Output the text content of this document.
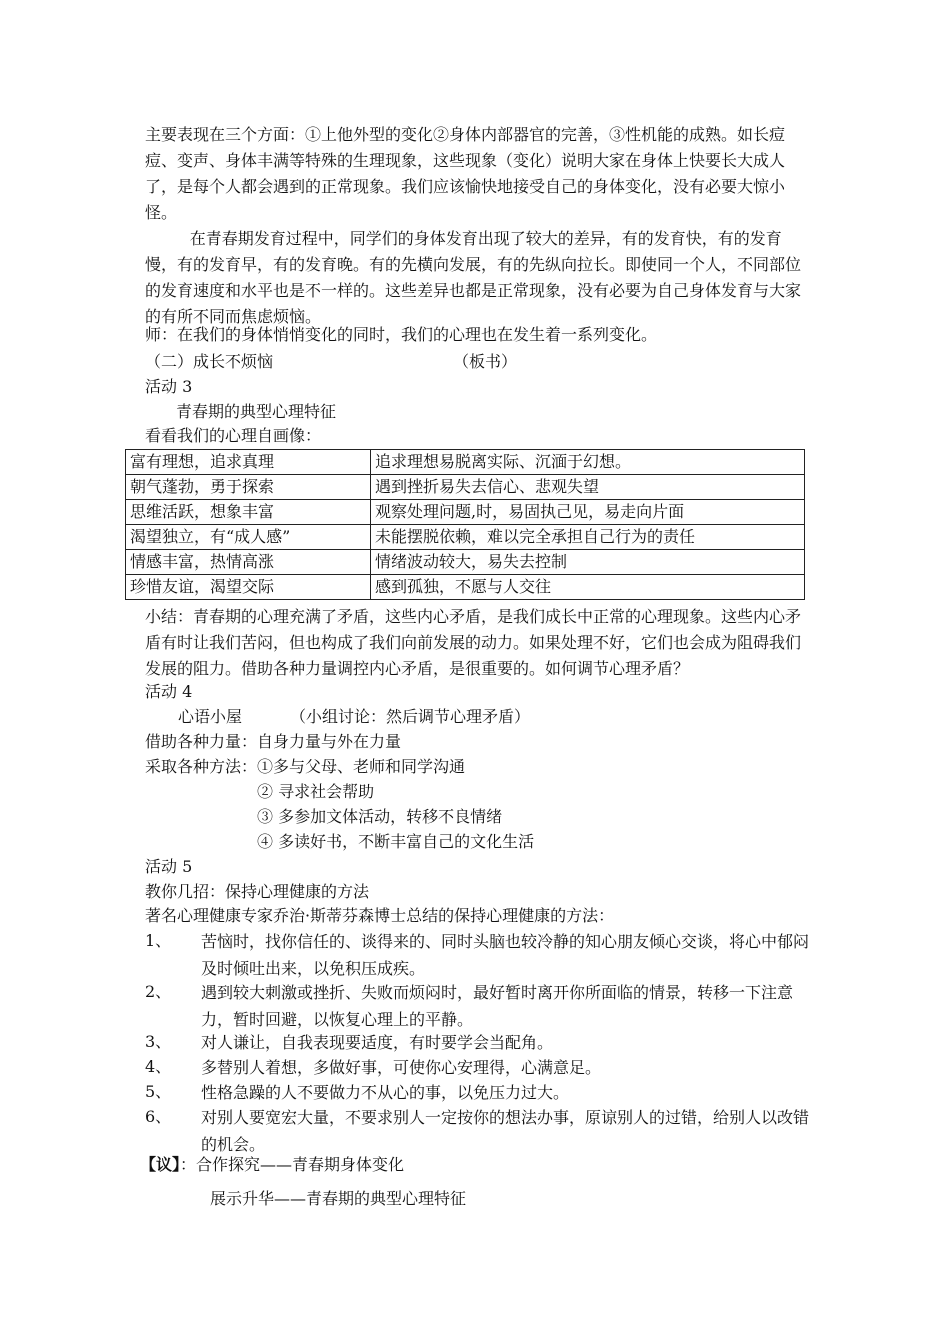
主要表现在三个方面：①上他外型的变化②身体内部器官的完善，③性机能的成熟。如长痘痘、变声、身体丰满等特殊的生理现象，这些现象（变化）说明大家在身体上快要长大成人了，是每个人都会遇到的正常现象。我们应该愉快地接受自己的身体变化，没有必要大惊小怪。

在青春期发育过程中，同学们的身体发育出现了较大的差异，有的发育快，有的发育慢，有的发育早，有的发育晚。有的先横向发展，有的先纵向拉长。即使同一个人，不同部位的发育速度和水平也是不一样的。这些差异也都是正常现象，没有必要为自己身体发育与大家的有所不同而焦虑烦恼。

师：在我们的身体悄悄变化的同时，我们的心理也在发生着一系列变化。

（二）成长不烦恼	（板书）
活动 3
青春期的典型心理特征
看看我们的心理自画像：
富有理想，追求真理	追求理想易脱离实际、沉湎于幻想。
朝气蓬勃，勇于探索	遇到挫折易失去信心、悲观失望
思维活跃，想象丰富	观察处理问题,时，易固执己见，易走向片面
渴望独立，有“成人感”	未能摆脱依赖，难以完全承担自己行为的责任
情感丰富，热情高涨	情绪波动较大，易失去控制
珍惜友谊，渴望交际	感到孤独，不愿与人交往

小结：青春期的心理充满了矛盾，这些内心矛盾，是我们成长中正常的心理现象。这些内心矛盾有时让我们苦闷，但也构成了我们向前发展的动力。如果处理不好，它们也会成为阻碍我们发展的阻力。借助各种力量调控内心矛盾，是很重要的。如何调节心理矛盾？

活动 4
心语小屋	（小组讨论：然后调节心理矛盾）
借助各种力量：自身力量与外在力量
采取各种方法：①多与父母、老师和同学沟通
② 寻求社会帮助
③ 多参加文体活动，转移不良情绪
④ 多读好书，不断丰富自己的文化生活
活动 5
教你几招：保持心理健康的方法
著名心理健康专家乔治·斯蒂芬森博士总结的保持心理健康的方法：
1、 苦恼时，找你信任的、谈得来的、同时头脑也较冷静的知心朋友倾心交谈，将心中郁闷及时倾吐出来，以免积压成疾。

2、 遇到较大刺激或挫折、失败而烦闷时，最好暂时离开你所面临的情景，转移一下注意力，暂时回避，以恢复心理上的平静。

3、 对人谦让，自我表现要适度，有时要学会当配角。

4、 多替别人着想，多做好事，可使你心安理得，心满意足。

5、 性格急躁的人不要做力不从心的事，以免压力过大。

6、 对别人要宽宏大量，不要求别人一定按你的想法办事，原谅别人的过错，给别人以改错的机会。

【议】：合作探究——青春期身体变化
展示升华——青春期的典型心理特征
